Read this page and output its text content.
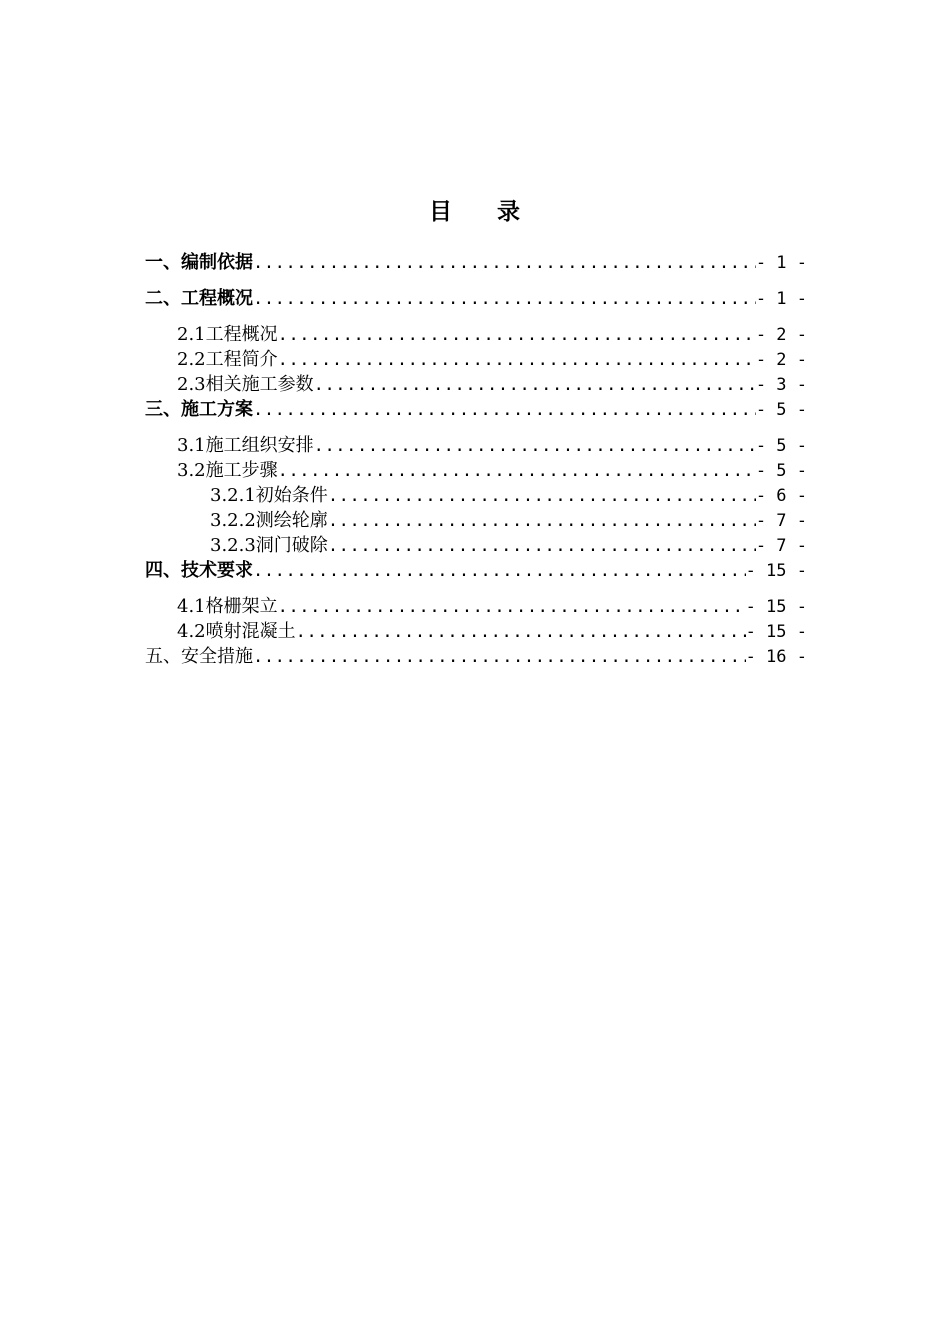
目 录
一、编制依据 .....	- 1 -
二、工程概况 .....	- 1 -
2.1工程概况 .....	- 2 -
2.2工程简介 .....	- 2 -
2.3相关施工参数 .....	- 3 -
三、施工方案 .....	- 5 -
3.1施工组织安排 .....	- 5 -
3.2施工步骤 .....	- 5 -
3.2.1初始条件 .....	- 6 -
3.2.2测绘轮廓 .....	- 7 -
3.2.3洞门破除 .....	- 7 -
四、技术要求 .....	- 15 -
4.1格栅架立 .....	- 15 -
4.2喷射混凝土 .....	- 15 -
五、安全措施 .....	- 16 -
